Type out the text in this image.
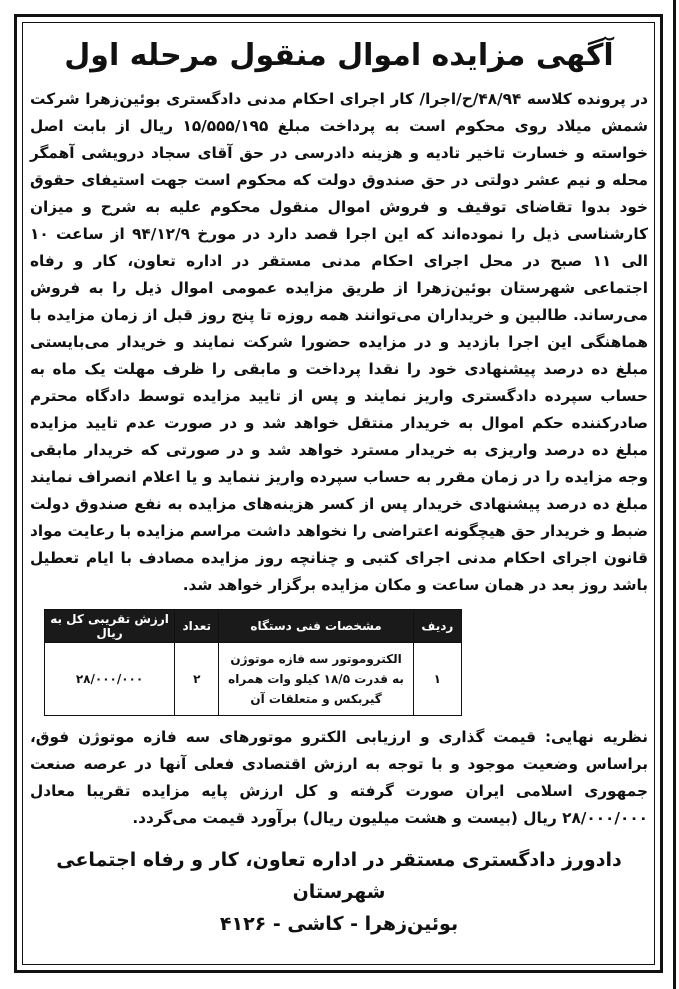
آگهی مزایده اموال منقول مرحله اول

در پرونده کلاسه ۴۸/۹۴/ح/اجرا/ کار اجرای احکام مدنی دادگستری بوئین‌زهرا شرکت شمش میلاد روی محکوم است به پرداخت مبلغ ۱۵/۵۵۵/۱۹۵ ریال از بابت اصل خواسته و خسارت تاخیر تادیه و هزینه دادرسی در حق آقای سجاد درویشی آهمگر محله و نیم عشر دولتی در حق صندوق دولت که محکوم است جهت استیفای حقوق خود بدوا تقاضای توقیف و فروش اموال منقول محکوم علیه به شرح و میزان کارشناسی ذیل را نموده‌اند که این اجرا قصد دارد در مورخ ۹۴/۱۲/۹ از ساعت ۱۰ الی ۱۱ صبح در محل اجرای احکام مدنی مستقر در اداره تعاون، کار و رفاه اجتماعی شهرستان بوئین‌زهرا از طریق مزایده عمومی اموال ذیل را به فروش می‌رساند. طالبین و خریداران می‌توانند همه روزه تا پنج روز قبل از زمان مزایده با هماهنگی این اجرا بازدید و در مزایده حضورا شرکت نمایند و خریدار می‌بایستی مبلغ ده درصد پیشنهادی خود را نقدا پرداخت و مابقی را ظرف مهلت یک ماه به حساب سپرده دادگستری واریز نمایند و پس از تایید مزایده توسط دادگاه محترم صادرکننده حکم اموال به خریدار منتقل خواهد شد و در صورت عدم تایید مزایده مبلغ ده درصد واریزی به خریدار مسترد خواهد شد و در صورتی که خریدار مابقی وجه مزایده را در زمان مقرر به حساب سپرده واریز ننماید و یا اعلام انصراف نمایند مبلغ ده درصد پیشنهادی خریدار پس از کسر هزینه‌های مزایده به نفع صندوق دولت ضبط و خریدار حق هیچگونه اعتراضی را نخواهد داشت مراسم مزایده با رعایت مواد قانون اجرای احکام مدنی اجرای کتبی و چنانچه روز مزایده مصادف با ایام تعطیل باشد روز بعد در همان ساعت و مکان مزایده برگزار خواهد شد.

ردیف	مشخصات فنی دستگاه	تعداد	ارزش تقریبی کل به ریال
۱	الکتروموتور سه فازه موتوژن به قدرت ۱۸/۵ کیلو وات همراه گیربکس و متعلقات آن	۲	۲۸/۰۰۰/۰۰۰

نظریه نهایی: قیمت گذاری و ارزیابی الکترو موتورهای سه فازه موتوژن فوق، براساس وضعیت موجود و با توجه به ارزش اقتصادی فعلی آنها در عرصه صنعت جمهوری اسلامی ایران صورت گرفته و کل ارزش پایه مزایده تقریبا معادل ۲۸/۰۰۰/۰۰۰ ریال (بیست و هشت میلیون ریال) برآورد قیمت می‌گردد.

دادورز دادگستری مستقر در اداره تعاون، کار و رفاه اجتماعی شهرستان
بوئین‌زهرا - کاشی - ۴۱۲۶
